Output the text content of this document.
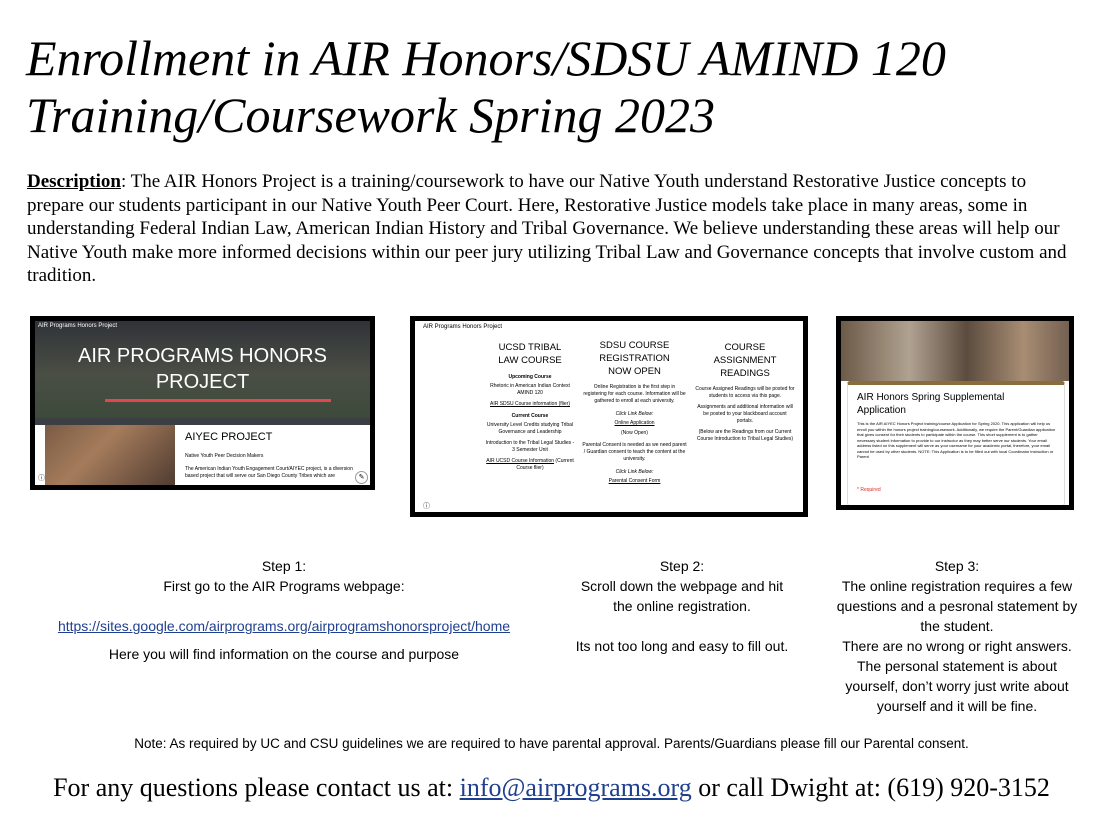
Enrollment in AIR Honors/SDSU AMIND 120
Training/Coursework Spring 2023

Description: The AIR Honors Project is a training/coursework to have our Native Youth understand Restorative Justice concepts to prepare our students participant in our Native Youth Peer Court. Here, Restorative Justice models take place in many areas, some in understanding Federal Indian Law, American Indian History and Tribal Governance. We believe understanding these areas will help our Native Youth make more informed decisions within our peer jury utilizing Tribal Law and Governance concepts that involve custom and tradition.

AIR Programs Honors Project
AIR PROGRAMS HONORS
PROJECT
AIYEC PROJECT
Native Youth Peer Decision Makers
The American Indian Youth Engagement Court/AIYEC project, is a diversion based project that will serve our San Diego County Tribes which are
ⓘ	✎
AIR Programs Honors Project
UCSD TRIBAL LAW COURSE
Upcoming Course
Rhetoric in American Indian Context AMIND 120
AIR SDSU Course information (flier)
Current Course
University Level Credits studying Tribal Governance and Leadership
Introduction to the Tribal Legal Studies - 3 Semester Unit
AIR UCSD Course Information (Current Course flier)
SDSU COURSE REGISTRATION NOW OPEN
Online Registration is the first step in registering for each course. Information will be gathered to enroll at each university.
Click Link Below:
Online Application
(Now Open)
Parental Consent is needed as we need parent / Guardian consent to teach the content at the university.
Click Link Below:
Parental Consent Form
COURSE ASSIGNMENT READINGS
Course Assigned Readings will be posted for students to access via this page.
Assignments and additional information will be posted to your blackboard account portals.
(Below are the Readings from our Current Course Introduction to Tribal Legal Studies)
ⓘ
AIR Honors Spring Supplemental Application
This is the AIR AIYEC Honors Project training/course Application for Spring 2020. This application will help us enroll you within the honors project training/coursework. Additionally, we require the Parent/Guardian application that gives consent for their students to participate within the course. This short supplement is to gather necessary student information to provide to our instructor as they may better serve our students. Your email address listed on this supplement will serve as your username for your academic portal, therefore, your email cannot be used by other students. NOTE: This Application is to be filled out with local Coordinator instruction or Parent
* Required

Step 1:

First go to the AIR Programs webpage:

https://sites.google.com/airprograms.org/airprogramshonorsproject/home

Here you will find information on the course and purpose

Step 2:

Scroll down the webpage and hit the online registration.

Its not too long and easy to fill out.

Step 3:

The online registration requires a few questions and a pesronal statement by the student.

There are no wrong or right answers. The personal statement is about yourself, don’t worry just write about yourself and it will be fine.

Note: As required by UC and CSU guidelines we are required to have parental approval. Parents/Guardians please fill our Parental consent.
For any questions please contact us at: info@airprograms.org or call Dwight at: (619) 920-3152
